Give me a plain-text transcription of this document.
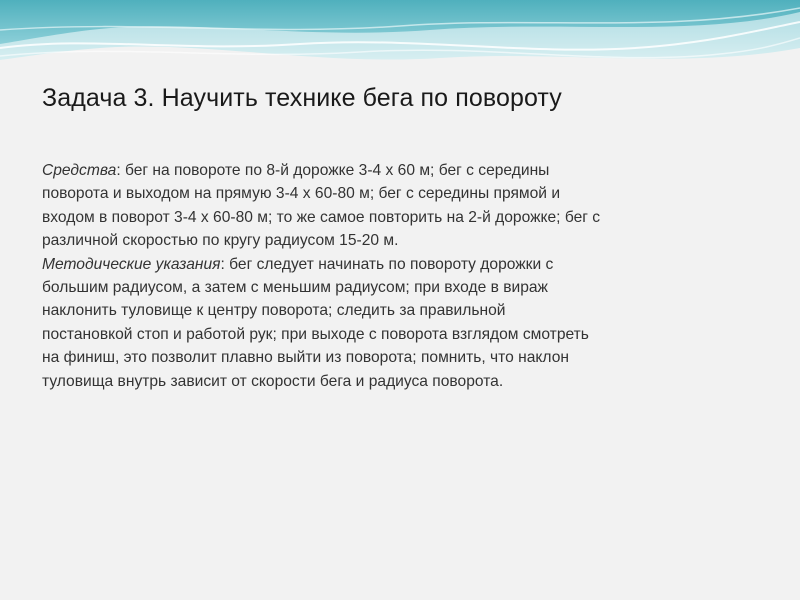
Задача 3. Научить технике бега по повороту

Средства: бег на повороте по 8-й дорожке 3-4 х 60 м; бег с середины
поворота и выходом на прямую 3-4 х 60-80 м; бег с середины прямой и
входом в поворот 3-4 х 60-80 м; то же самое повторить на 2-й дорожке; бег с
различной скоростью по кругу радиусом 15-20 м.

Методические указания: бег следует начинать по повороту дорожки с
большим радиусом, а затем с меньшим радиусом; при входе в вираж
наклонить туловище к центру поворота; следить за правильной
постановкой стоп и работой рук; при выходе с поворота взглядом смотреть
на финиш, это позволит плавно выйти из поворота; помнить, что наклон
туловища внутрь зависит от скорости бега и радиуса поворота.
